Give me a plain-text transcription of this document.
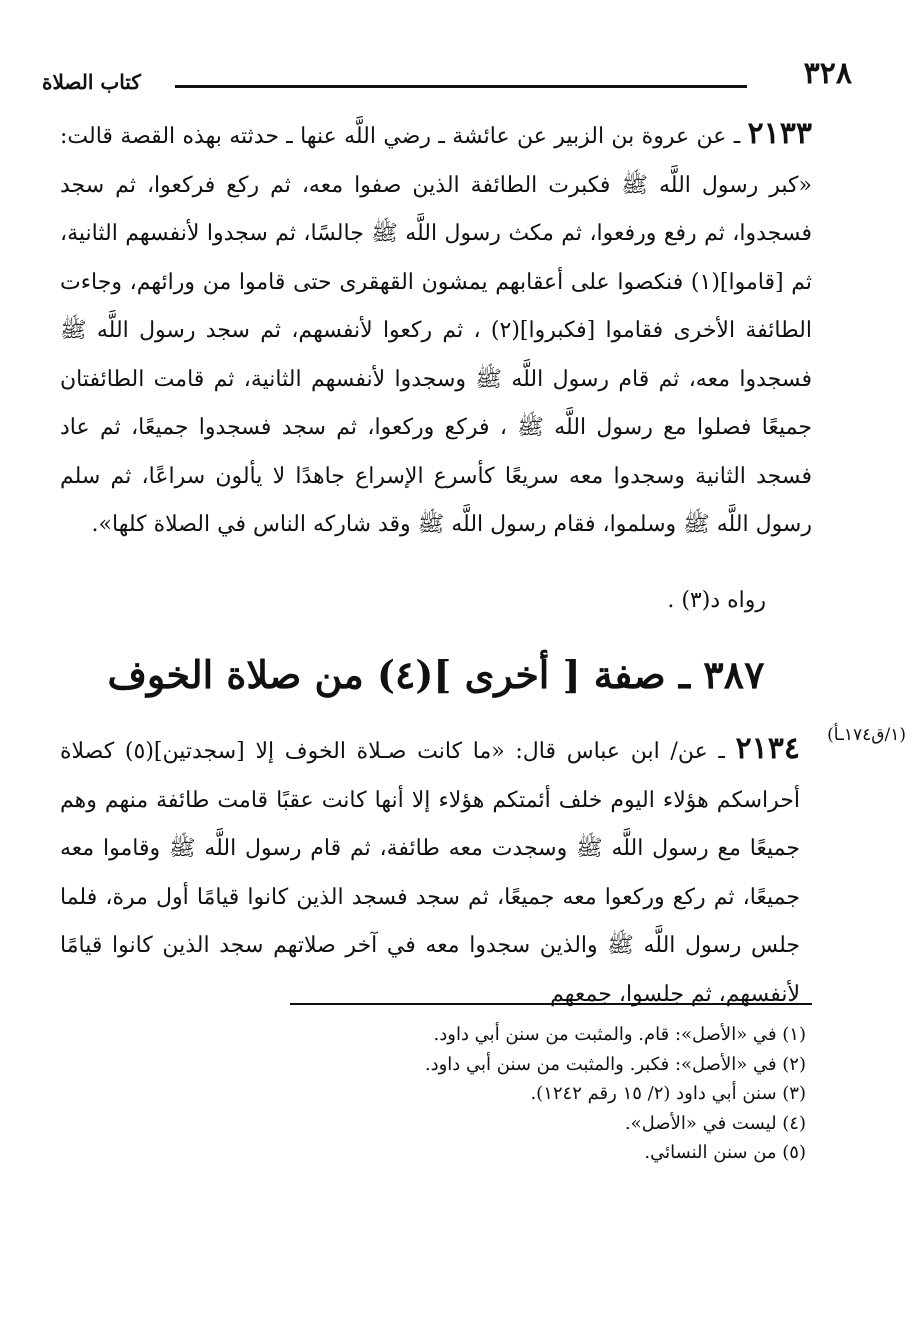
٣٢٨
كتاب الصلاة

٢١٣٣ ـ عن عروة بن الزبير عن عائشة ـ رضي اللَّه عنها ـ حدثته بهذه القصة قالت: «كبر رسول اللَّه ﷺ فكبرت الطائفة الذين صفوا معه، ثم ركع فركعوا، ثم سجد فسجدوا، ثم رفع ورفعوا، ثم مكث رسول اللَّه ﷺ جالسًا، ثم سجدوا لأنفسهم الثانية، ثم [قاموا](١) فنكصوا على أعقابهم يمشون القهقرى حتى قاموا من ورائهم، وجاءت الطائفة الأخرى فقاموا [فكبروا](٢) ، ثم ركعوا لأنفسهم، ثم سجد رسول اللَّه ﷺ فسجدوا معه، ثم قام رسول اللَّه ﷺ وسجدوا لأنفسهم الثانية، ثم قامت الطائفتان جميعًا فصلوا مع رسول اللَّه ﷺ ، فركع وركعوا، ثم سجد فسجدوا جميعًا، ثم عاد فسجد الثانية وسجدوا معه سريعًا كأسرع الإسراع جاهدًا لا يألون سراعًا، ثم سلم رسول اللَّه ﷺ وسلموا، فقام رسول اللَّه ﷺ وقد شاركه الناس في الصلاة كلها».

رواه د(٣) .
٣٨٧ ـ صفة [ أخرى ](٤) من صلاة الخوف
(١/ق١٧٤ـأ)
٢١٣٤ ـ عن/ ابن عباس قال: «ما كانت صـلاة الخوف إلا [سجدتين](٥) كصلاة أحراسكم هؤلاء اليوم خلف أئمتكم هؤلاء إلا أنها كانت عقبًا قامت طائفة منهم وهم جميعًا مع رسول اللَّه ﷺ وسجدت معه طائفة، ثم قام رسول اللَّه ﷺ وقاموا معه جميعًا، ثم ركع وركعوا معه جميعًا، ثم سجد فسجد الذين كانوا قيامًا أول مرة، فلما جلس رسول اللَّه ﷺ والذين سجدوا معه في آخر صلاتهم سجد الذين كانوا قيامًا لأنفسهم، ثم جلسوا، جمعهم
(١) في «الأصل»: قام. والمثبت من سنن أبي داود.
(٢) في «الأصل»: فكبر. والمثبت من سنن أبي داود.
(٣) سنن أبي داود (٢/ ١٥ رقم ١٢٤٢).
(٤) ليست في «الأصل».
(٥) من سنن النسائي.
